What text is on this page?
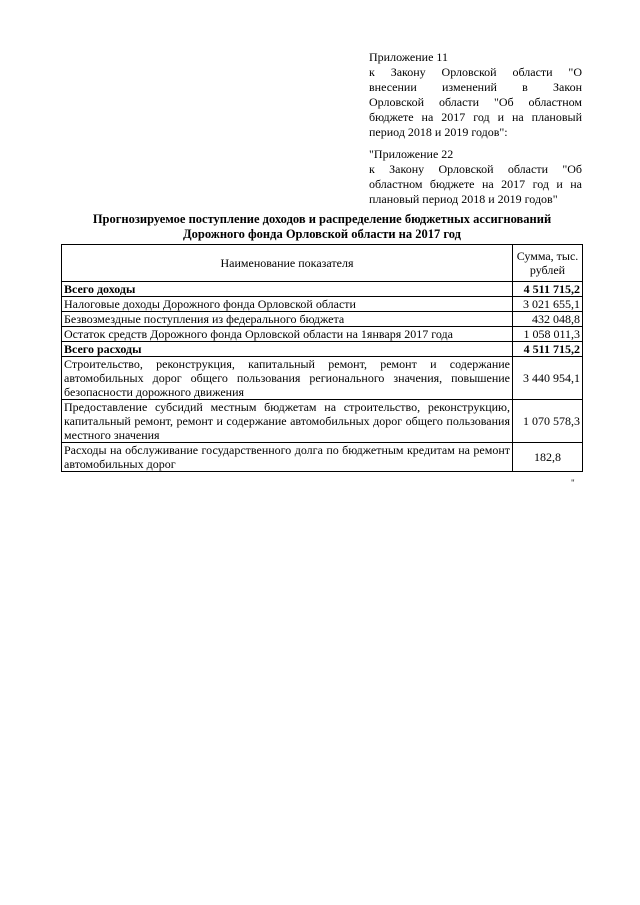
Приложение 11
к Закону Орловской области "О
внесении изменений в Закон
Орловской области "Об областном
бюджете на 2017 год и на плановый
период 2018 и 2019 годов":
"Приложение 22
к Закону Орловской области "Об
областном бюджете на 2017 год и на
плановый период 2018 и 2019 годов"
Прогнозируемое поступление доходов и распределение бюджетных ассигнований
Дорожного фонда Орловской области на 2017 год
Наименование показателя	Сумма, тыс. рублей
Всего доходы	4 511 715,2
Налоговые доходы Дорожного фонда Орловской области	3 021 655,1
Безвозмездные поступления из федерального бюджета	432 048,8
Остаток средств Дорожного фонда Орловской области на 1января 2017 года	1 058 011,3
Всего расходы	4 511 715,2
Строительство, реконструкция, капитальный ремонт, ремонт и содержание автомобильных дорог общего пользования регионального значения, повышение безопасности дорожного движения	3 440 954,1
Предоставление субсидий местным бюджетам на строительство, реконструкцию, капитальный ремонт, ремонт и содержание автомобильных дорог общего пользования местного значения	1 070 578,3
Расходы на обслуживание государственного долга по бюджетным кредитам на ремонт автомобильных дорог	182,8
"
